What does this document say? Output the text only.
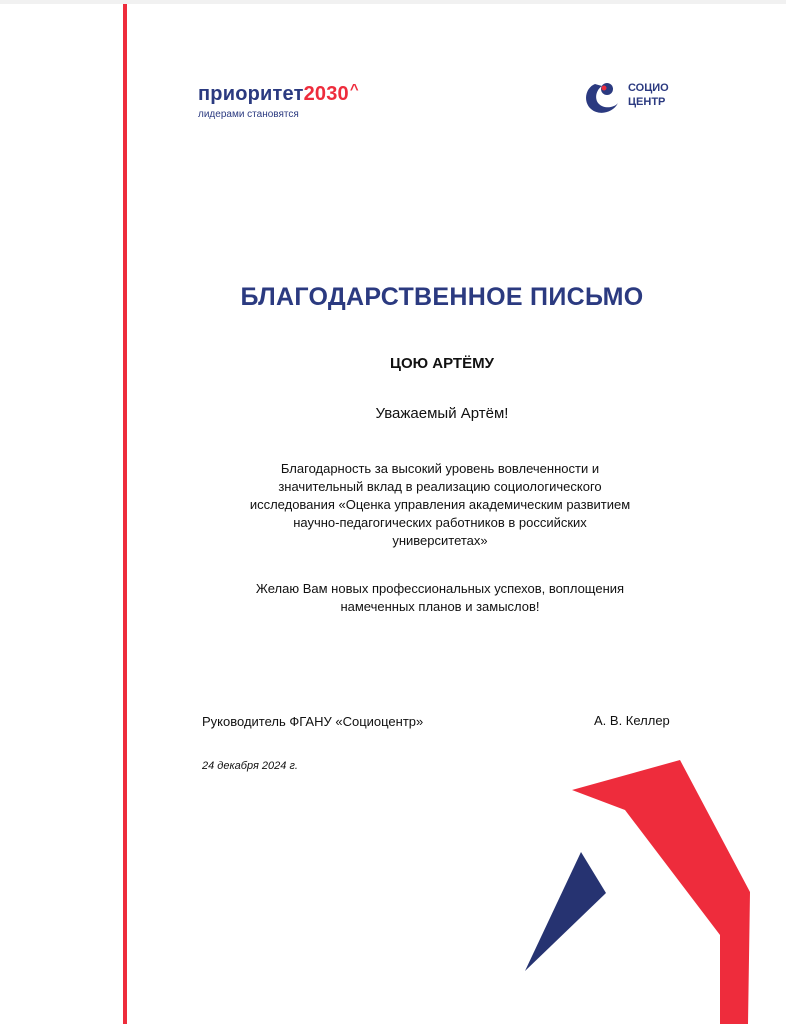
приоритет2030^
лидерами становятся
СОЦИО
ЦЕНТР
БЛАГОДАРСТВЕННОЕ ПИСЬМО
ЦОЮ АРТЁМУ
Уважаемый Артём!
Благодарность за высокий уровень вовлеченности и
значительный вклад в реализацию социологического
исследования «Оценка управления академическим развитием
научно-педагогических работников в российских
университетах»
Желаю Вам новых профессиональных успехов, воплощения
намеченных планов и замыслов!
Руководитель ФГАНУ «Социоцентр»	А. В. Келлер
24 декабря 2024 г.
